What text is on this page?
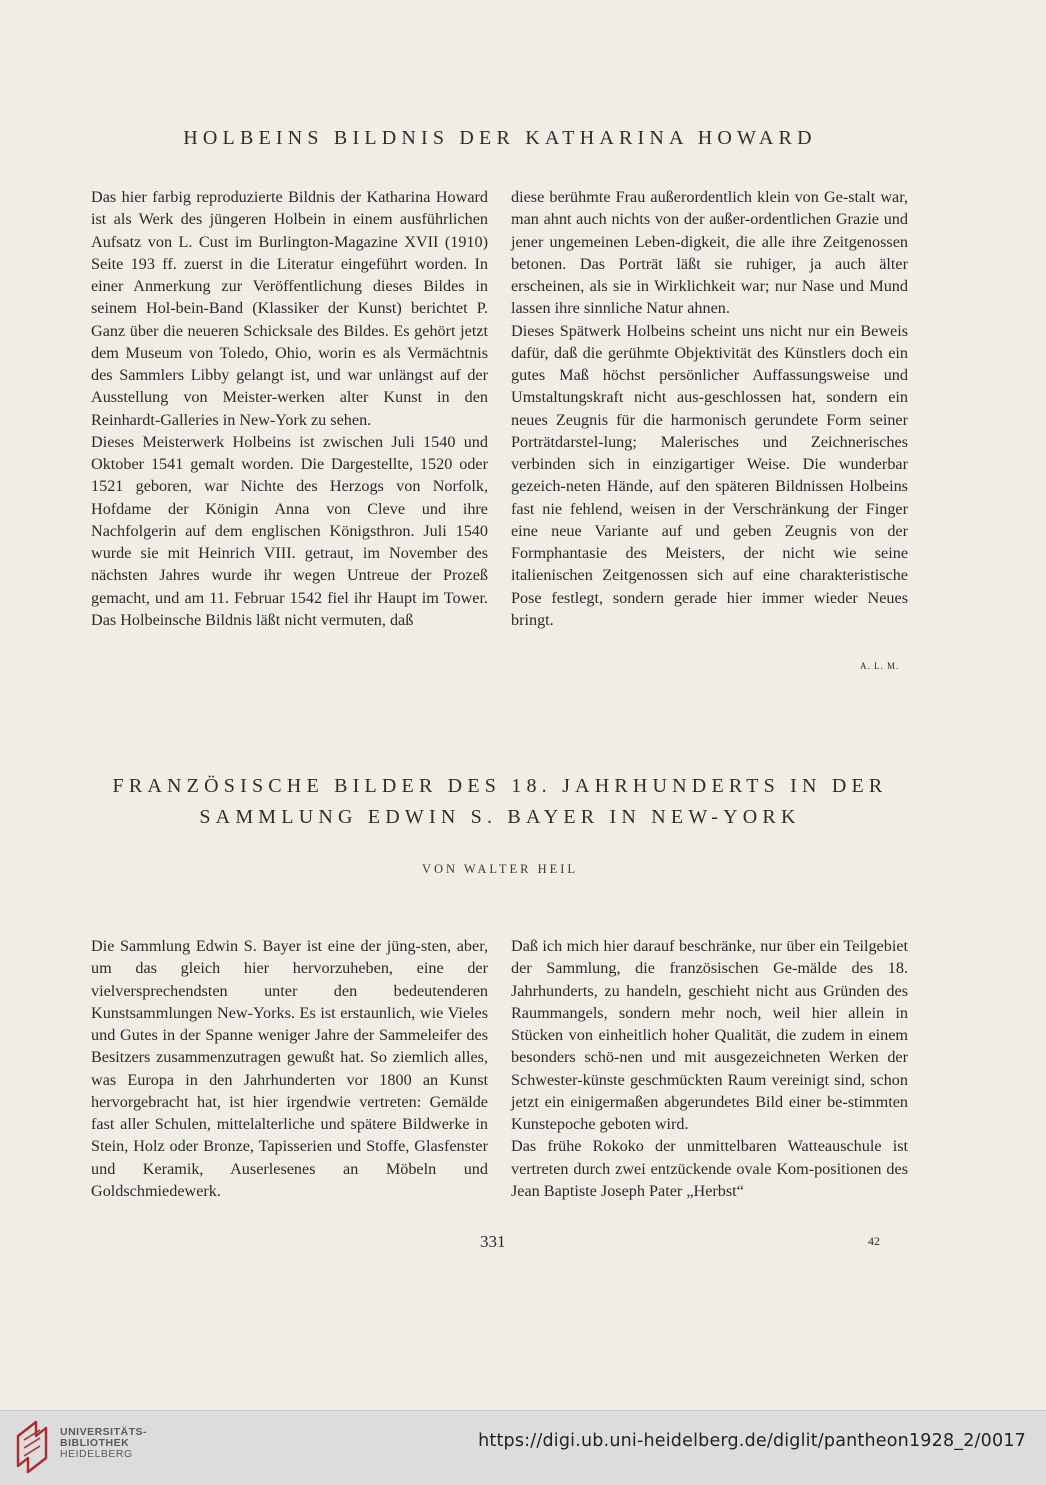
HOLBEINS BILDNIS DER KATHARINA HOWARD

Das hier farbig reproduzierte Bildnis der Katharina Howard ist als Werk des jüngeren Holbein in einem ausführlichen Aufsatz von L. Cust im Burlington-Magazine XVII (1910) Seite 193 ff. zuerst in die Literatur eingeführt worden. In einer Anmerkung zur Veröffentlichung dieses Bildes in seinem Hol-bein-Band (Klassiker der Kunst) berichtet P. Ganz über die neueren Schicksale des Bildes. Es gehört jetzt dem Museum von Toledo, Ohio, worin es als Vermächtnis des Sammlers Libby gelangt ist, und war unlängst auf der Ausstellung von Meister-werken alter Kunst in den Reinhardt-Galleries in New-York zu sehen.

Dieses Meisterwerk Holbeins ist zwischen Juli 1540 und Oktober 1541 gemalt worden. Die Dargestellte, 1520 oder 1521 geboren, war Nichte des Herzogs von Norfolk, Hofdame der Königin Anna von Cleve und ihre Nachfolgerin auf dem englischen Königsthron. Juli 1540 wurde sie mit Heinrich VIII. getraut, im November des nächsten Jahres wurde ihr wegen Untreue der Prozeß gemacht, und am 11. Februar 1542 fiel ihr Haupt im Tower. Das Holbeinsche Bildnis läßt nicht vermuten, daß

diese berühmte Frau außerordentlich klein von Ge-stalt war, man ahnt auch nichts von der außer-ordentlichen Grazie und jener ungemeinen Leben-digkeit, die alle ihre Zeitgenossen betonen. Das Porträt läßt sie ruhiger, ja auch älter erscheinen, als sie in Wirklichkeit war; nur Nase und Mund lassen ihre sinnliche Natur ahnen.

Dieses Spätwerk Holbeins scheint uns nicht nur ein Beweis dafür, daß die gerühmte Objektivität des Künstlers doch ein gutes Maß höchst persönlicher Auffassungsweise und Umstaltungskraft nicht aus-geschlossen hat, sondern ein neues Zeugnis für die harmonisch gerundete Form seiner Porträtdarstel-lung; Malerisches und Zeichnerisches verbinden sich in einzigartiger Weise. Die wunderbar gezeich-neten Hände, auf den späteren Bildnissen Holbeins fast nie fehlend, weisen in der Verschränkung der Finger eine neue Variante auf und geben Zeugnis von der Formphantasie des Meisters, der nicht wie seine italienischen Zeitgenossen sich auf eine charakteristische Pose festlegt, sondern gerade hier immer wieder Neues bringt.

A. L. M.
FRANZÖSISCHE BILDER DES 18. JAHRHUNDERTS IN DER
SAMMLUNG EDWIN S. BAYER IN NEW-YORK
VON WALTER HEIL

Die Sammlung Edwin S. Bayer ist eine der jüng-sten, aber, um das gleich hier hervorzuheben, eine der vielversprechendsten unter den bedeutenderen Kunstsammlungen New-Yorks. Es ist erstaunlich, wie Vieles und Gutes in der Spanne weniger Jahre der Sammeleifer des Besitzers zusammenzutragen gewußt hat. So ziemlich alles, was Europa in den Jahrhunderten vor 1800 an Kunst hervorgebracht hat, ist hier irgendwie vertreten: Gemälde fast aller Schulen, mittelalterliche und spätere Bildwerke in Stein, Holz oder Bronze, Tapisserien und Stoffe, Glasfenster und Keramik, Auserlesenes an Möbeln und Goldschmiedewerk.

Daß ich mich hier darauf beschränke, nur über ein Teilgebiet der Sammlung, die französischen Ge-mälde des 18. Jahrhunderts, zu handeln, geschieht nicht aus Gründen des Raummangels, sondern mehr noch, weil hier allein in Stücken von einheitlich hoher Qualität, die zudem in einem besonders schö-nen und mit ausgezeichneten Werken der Schwester-künste geschmückten Raum vereinigt sind, schon jetzt ein einigermaßen abgerundetes Bild einer be-stimmten Kunstepoche geboten wird.

Das frühe Rokoko der unmittelbaren Watteauschule ist vertreten durch zwei entzückende ovale Kom-positionen des Jean Baptiste Joseph Pater „Herbst“

331	42
UNIVERSITÄTS-
BIBLIOTHEK
HEIDELBERG
https://digi.ub.uni-heidelberg.de/diglit/pantheon1928_2/0017
